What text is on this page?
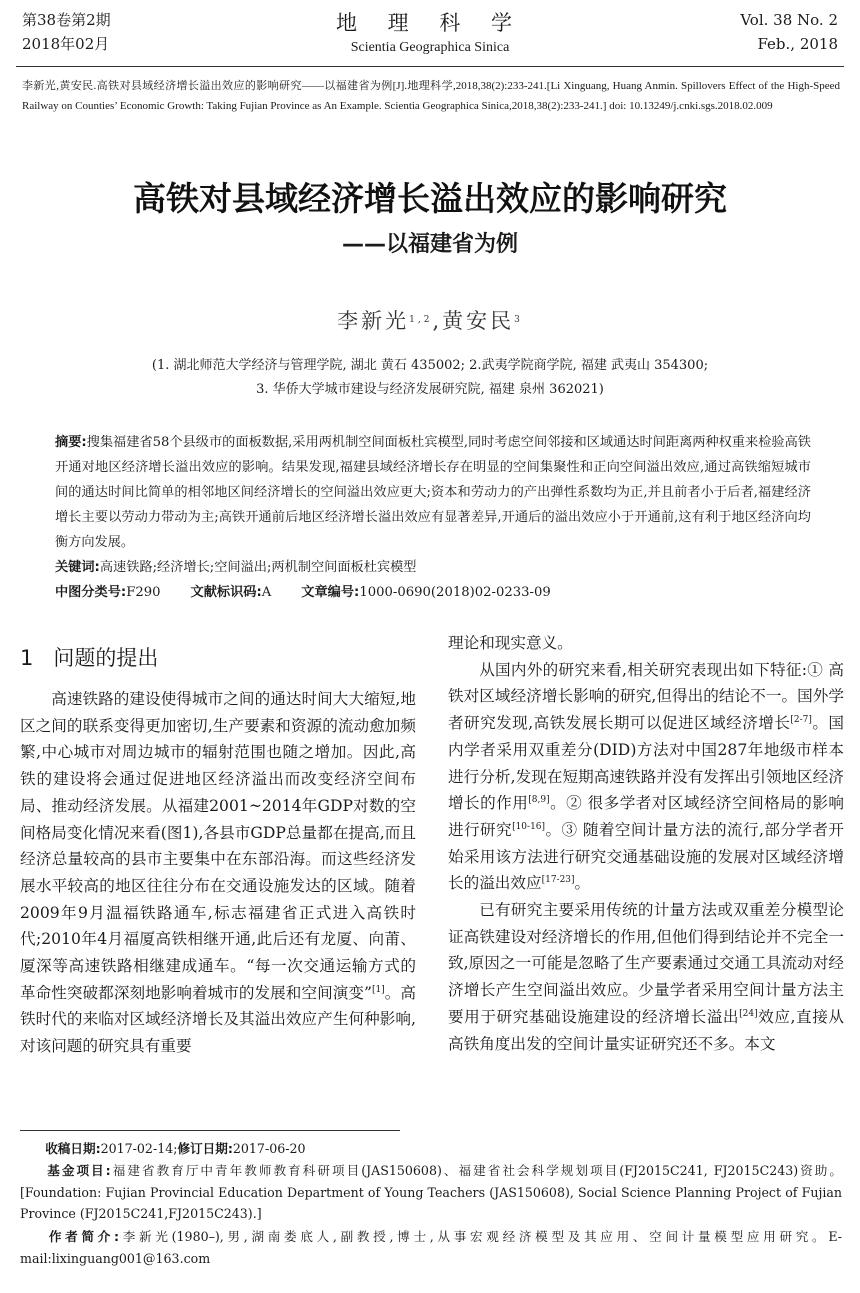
第38卷第2期
2018年02月
地 理 科 学
Scientia Geographica Sinica
Vol. 38 No. 2
Feb., 2018
李新光,黄安民.高铁对县域经济增长溢出效应的影响研究——以福建省为例[J].地理科学,2018,38(2):233-241.[Li Xinguang, Huang Anmin. Spillovers Effect of the High-Speed Railway on Counties’ Economic Growth: Taking Fujian Province as An Example. Scientia Geographica Sinica,2018,38(2):233-241.] doi: 10.13249/j.cnki.sgs.2018.02.009
高铁对县域经济增长溢出效应的影响研究
——以福建省为例
李新光$^{1,2}$,黄安民$^3$
(1. 湖北师范大学经济与管理学院, 湖北 黄石 435002; 2.武夷学院商学院, 福建 武夷山 354300;
3. 华侨大学城市建设与经济发展研究院, 福建 泉州 362021)
摘要:搜集福建省58个县级市的面板数据,采用两机制空间面板杜宾模型,同时考虑空间邻接和区域通达时间距离两种权重来检验高铁开通对地区经济增长溢出效应的影响。结果发现,福建县域经济增长存在明显的空间集聚性和正向空间溢出效应,通过高铁缩短城市间的通达时间比简单的相邻地区间经济增长的空间溢出效应更大;资本和劳动力的产出弹性系数均为正,并且前者小于后者,福建经济增长主要以劳动力带动为主;高铁开通前后地区经济增长溢出效应有显著差异,开通后的溢出效应小于开通前,这有利于地区经济向均衡方向发展。
关键词:高速铁路;经济增长;空间溢出;两机制空间面板杜宾模型
中图分类号:F290 文献标识码:A 文章编号:1000-0690(2018)02-0233-09
1 问题的提出

高速铁路的建设使得城市之间的通达时间大大缩短,地区之间的联系变得更加密切,生产要素和资源的流动愈加频繁,中心城市对周边城市的辐射范围也随之增加。因此,高铁的建设将会通过促进地区经济溢出而改变经济空间布局、推动经济发展。从福建2001~2014年GDP对数的空间格局变化情况来看(图1),各县市GDP总量都在提高,而且经济总量较高的县市主要集中在东部沿海。而这些经济发展水平较高的地区往往分布在交通设施发达的区域。随着2009年9月温福铁路通车,标志福建省正式进入高铁时代;2010年4月福厦高铁相继开通,此后还有龙厦、向莆、厦深等高速铁路相继建成通车。“每一次交通运输方式的革命性突破都深刻地影响着城市的发展和空间演变”[1]。高铁时代的来临对区域经济增长及其溢出效应产生何种影响,对该问题的研究具有重要

理论和现实意义。

从国内外的研究来看,相关研究表现出如下特征:① 高铁对区域经济增长影响的研究,但得出的结论不一。国外学者研究发现,高铁发展长期可以促进区域经济增长[2-7]。国内学者采用双重差分(DID)方法对中国287年地级市样本进行分析,发现在短期高速铁路并没有发挥出引领地区经济增长的作用[8,9]。② 很多学者对区域经济空间格局的影响进行研究[10-16]。③ 随着空间计量方法的流行,部分学者开始采用该方法进行研究交通基础设施的发展对区域经济增长的溢出效应[17-23]。

已有研究主要采用传统的计量方法或双重差分模型论证高铁建设对经济增长的作用,但他们得到结论并不完全一致,原因之一可能是忽略了生产要素通过交通工具流动对经济增长产生空间溢出效应。少量学者采用空间计量方法主要用于研究基础设施建设的经济增长溢出[24]效应,直接从高铁角度出发的空间计量实证研究还不多。本文

收稿日期:2017-02-14;修订日期:2017-06-20
基金项目:福建省教育厅中青年教师教育科研项目(JAS150608)、福建省社会科学规划项目(FJ2015C241, FJ2015C243)资助。[Foundation: Fujian Provincial Education Department of Young Teachers (JAS150608), Social Science Planning Project of Fujian Province (FJ2015C241,FJ2015C243).]
作者简介:李新光(1980–),男,湖南娄底人,副教授,博士,从事宏观经济模型及其应用、空间计量模型应用研究。E-mail:lixinguang001@163.com
